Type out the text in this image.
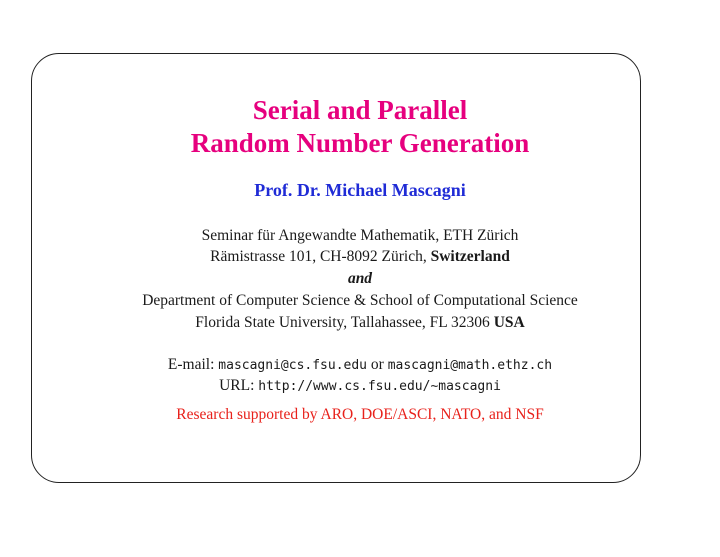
Serial and Parallel
Random Number Generation
Prof. Dr. Michael Mascagni
Seminar für Angewandte Mathematik, ETH Zürich
Rämistrasse 101, CH-8092 Zürich, Switzerland
and
Department of Computer Science & School of Computational Science
Florida State University, Tallahassee, FL 32306 USA
E-mail: mascagni@cs.fsu.edu or mascagni@math.ethz.ch
URL: http://www.cs.fsu.edu/∼mascagni
Research supported by ARO, DOE/ASCI, NATO, and NSF
